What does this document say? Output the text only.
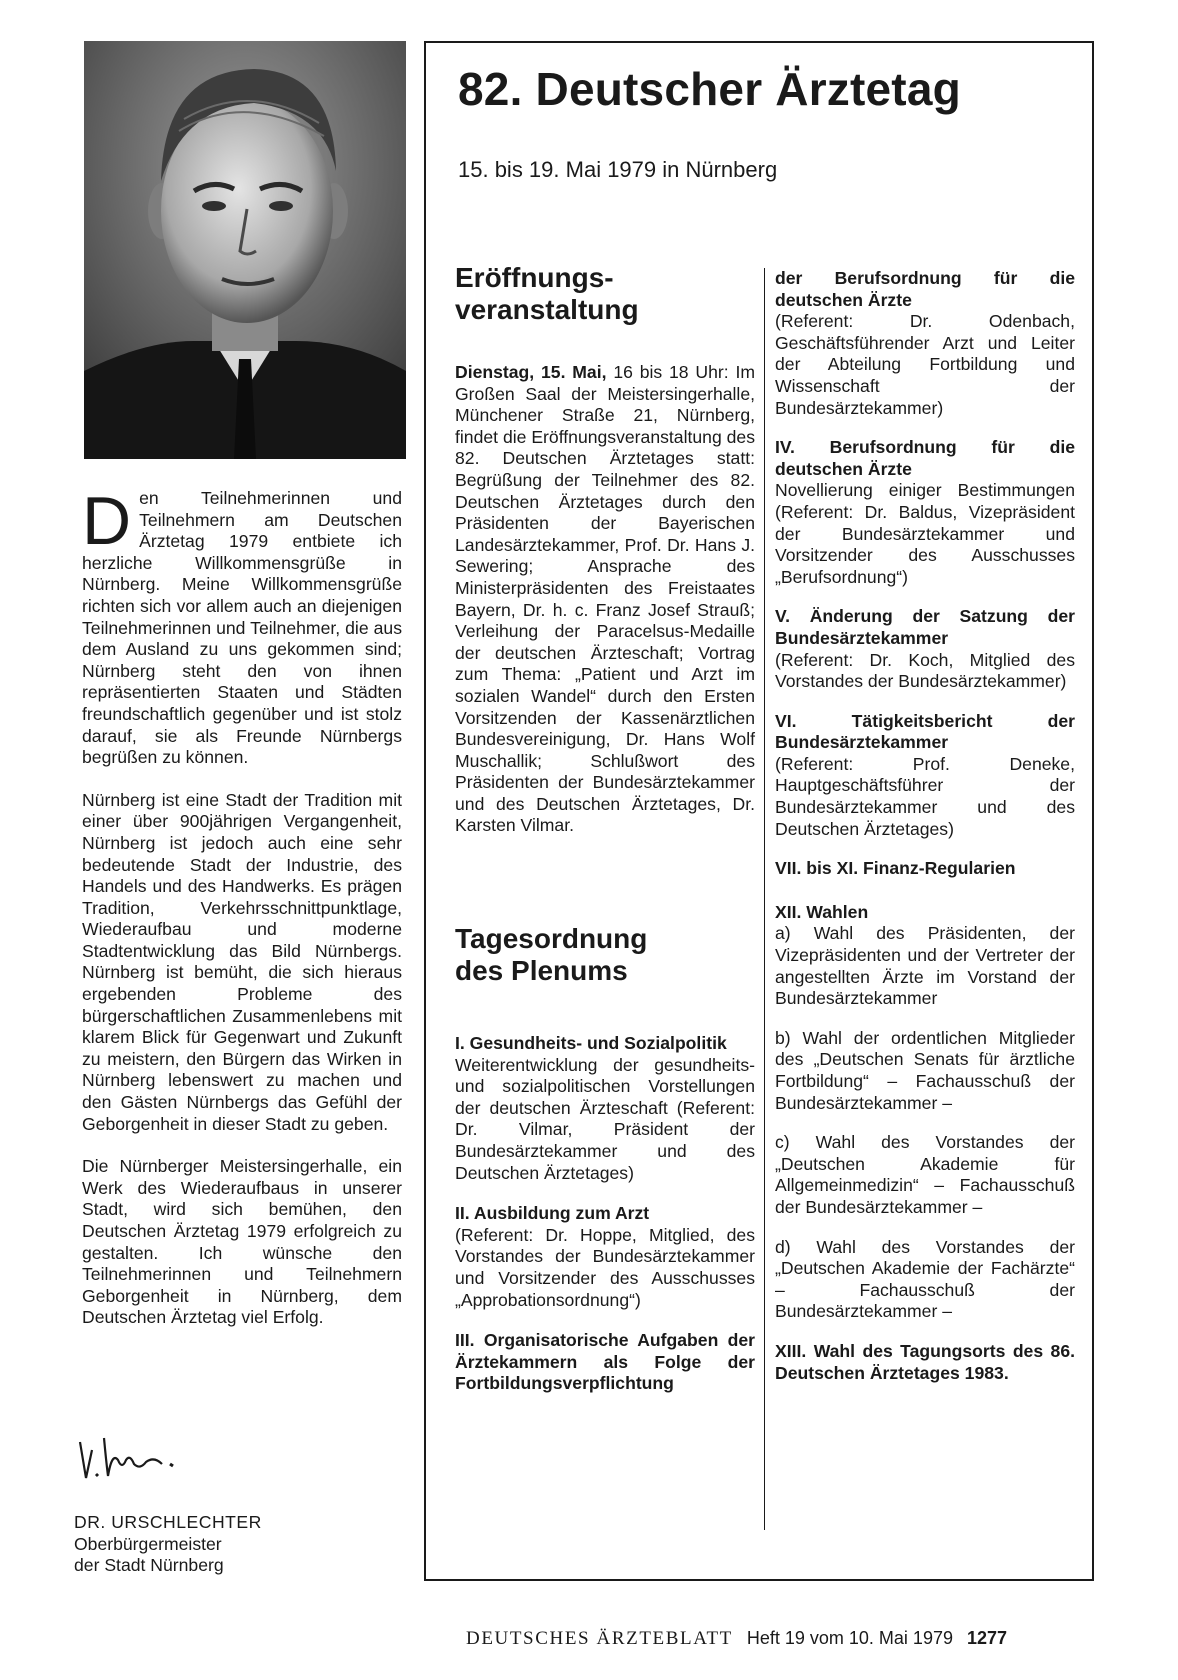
Den Teilnehmerinnen und Teilnehmern am Deutschen Ärztetag 1979 entbiete ich herzliche Willkommensgrüße in Nürnberg. Meine Willkommensgrüße richten sich vor allem auch an diejenigen Teilnehmerinnen und Teilnehmer, die aus dem Ausland zu uns gekommen sind; Nürnberg steht den von ihnen repräsentierten Staaten und Städten freundschaftlich gegenüber und ist stolz darauf, sie als Freunde Nürnbergs begrüßen zu können.

Nürnberg ist eine Stadt der Tradition mit einer über 900jährigen Vergangenheit, Nürnberg ist jedoch auch eine sehr bedeutende Stadt der Industrie, des Handels und des Handwerks. Es prägen Tradition, Verkehrsschnittpunktlage, Wiederaufbau und moderne Stadtentwicklung das Bild Nürnbergs. Nürnberg ist bemüht, die sich hieraus ergebenden Probleme des bürgerschaftlichen Zusammenlebens mit klarem Blick für Gegenwart und Zukunft zu meistern, den Bürgern das Wirken in Nürnberg lebenswert zu machen und den Gästen Nürnbergs das Gefühl der Geborgenheit in dieser Stadt zu geben.

Die Nürnberger Meistersingerhalle, ein Werk des Wiederaufbaus in unserer Stadt, wird sich bemühen, den Deutschen Ärztetag 1979 erfolgreich zu gestalten. Ich wünsche den Teilnehmerinnen und Teilnehmern Geborgenheit in Nürnberg, dem Deutschen Ärztetag viel Erfolg.

DR. URSCHLECHTER
Oberbürgermeister
der Stadt Nürnberg
82. Deutscher Ärztetag

15. bis 19. Mai 1979 in Nürnberg

Eröffnungs-veranstaltung

Dienstag, 15. Mai, 16 bis 18 Uhr: Im Großen Saal der Meistersingerhalle, Münchener Straße 21, Nürnberg, findet die Eröffnungsveranstaltung des 82. Deutschen Ärztetages statt: Begrüßung der Teilnehmer des 82. Deutschen Ärztetages durch den Präsidenten der Bayerischen Landesärztekammer, Prof. Dr. Hans J. Sewering; Ansprache des Ministerpräsidenten des Freistaates Bayern, Dr. h. c. Franz Josef Strauß; Verleihung der Paracelsus-Medaille der deutschen Ärzteschaft; Vortrag zum Thema: „Patient und Arzt im sozialen Wandel“ durch den Ersten Vorsitzenden der Kassenärztlichen Bundesvereinigung, Dr. Hans Wolf Muschallik; Schlußwort des Präsidenten der Bundesärztekammer und des Deutschen Ärztetages, Dr. Karsten Vilmar.

Tagesordnung des Plenums

I. Gesundheits- und Sozialpolitik

Weiterentwicklung der gesundheits- und sozialpolitischen Vorstellungen der deutschen Ärzteschaft (Referent: Dr. Vilmar, Präsident der Bundesärztekammer und des Deutschen Ärztetages)

II. Ausbildung zum Arzt

(Referent: Dr. Hoppe, Mitglied, des Vorstandes der Bundesärztekammer und Vorsitzender des Ausschusses „Approbationsordnung“)

III. Organisatorische Aufgaben der Ärztekammern als Folge der Fortbildungsverpflichtung

der Berufsordnung für die deutschen Ärzte

(Referent: Dr. Odenbach, Geschäftsführender Arzt und Leiter der Abteilung Fortbildung und Wissenschaft der Bundesärztekammer)

IV. Berufsordnung für die deutschen Ärzte

Novellierung einiger Bestimmungen (Referent: Dr. Baldus, Vizepräsident der Bundesärztekammer und Vorsitzender des Ausschusses „Berufsordnung“)

V. Änderung der Satzung der Bundesärztekammer

(Referent: Dr. Koch, Mitglied des Vorstandes der Bundesärztekammer)

VI. Tätigkeitsbericht der Bundesärztekammer

(Referent: Prof. Deneke, Hauptgeschäftsführer der Bundesärztekammer und des Deutschen Ärztetages)

VII. bis XI. Finanz-Regularien

XII. Wahlen

a) Wahl des Präsidenten, der Vizepräsidenten und der Vertreter der angestellten Ärzte im Vorstand der Bundesärztekammer

b) Wahl der ordentlichen Mitglieder des „Deutschen Senats für ärztliche Fortbildung“ – Fachausschuß der Bundesärztekammer –

c) Wahl des Vorstandes der „Deutschen Akademie für Allgemeinmedizin“ – Fachausschuß der Bundesärztekammer –

d) Wahl des Vorstandes der „Deutschen Akademie der Fachärzte“ – Fachausschuß der Bundesärztekammer –

XIII. Wahl des Tagungsorts des 86. Deutschen Ärztetages 1983.

DEUTSCHES ÄRZTEBLATT Heft 19 vom 10. Mai 1979 1277
